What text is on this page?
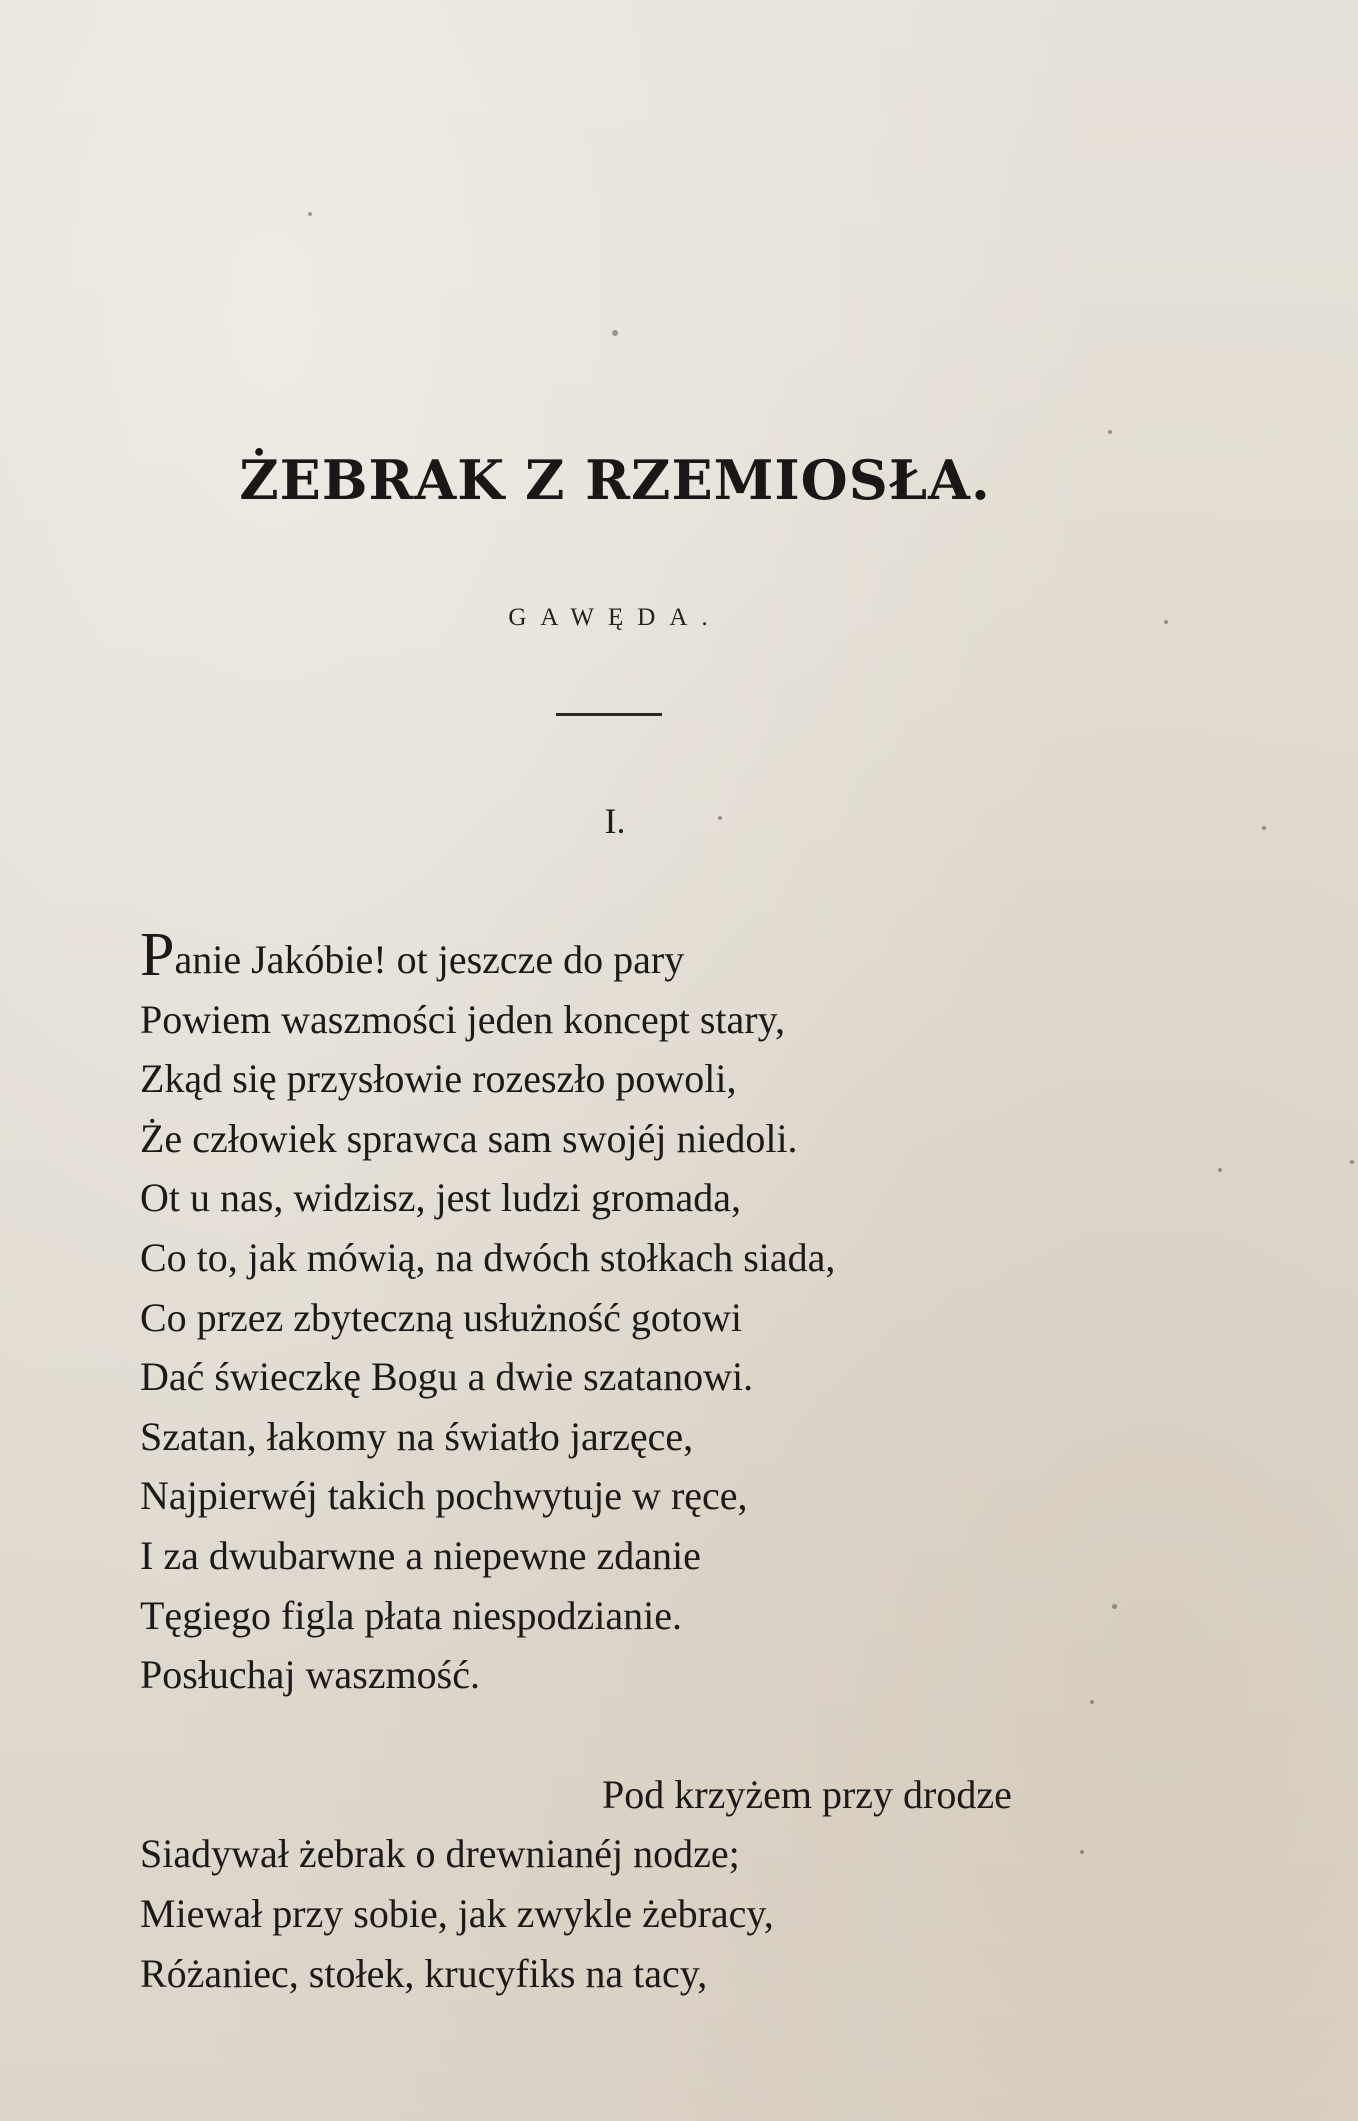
ŻEBRAK Z RZEMIOSŁA.
GAWĘDA.
I.
Panie Jakóbie! ot jeszcze do pary
Powiem waszmości jeden koncept stary,
Zkąd się przysłowie rozeszło powoli,
Że człowiek sprawca sam swojéj niedoli.
Ot u nas, widzisz, jest ludzi gromada,
Co to, jak mówią, na dwóch stołkach siada,
Co przez zbyteczną usłużność gotowi
Dać świeczkę Bogu a dwie szatanowi.
Szatan, łakomy na światło jarzęce,
Najpierwéj takich pochwytuje w ręce,
I za dwubarwne a niepewne zdanie
Tęgiego figla płata niespodzianie.
Posłuchaj waszmość.
Pod krzyżem przy drodze
Siadywał żebrak o drewnianéj nodze;
Miewał przy sobie, jak zwykle żebracy,
Różaniec, stołek, krucyfiks na tacy,
